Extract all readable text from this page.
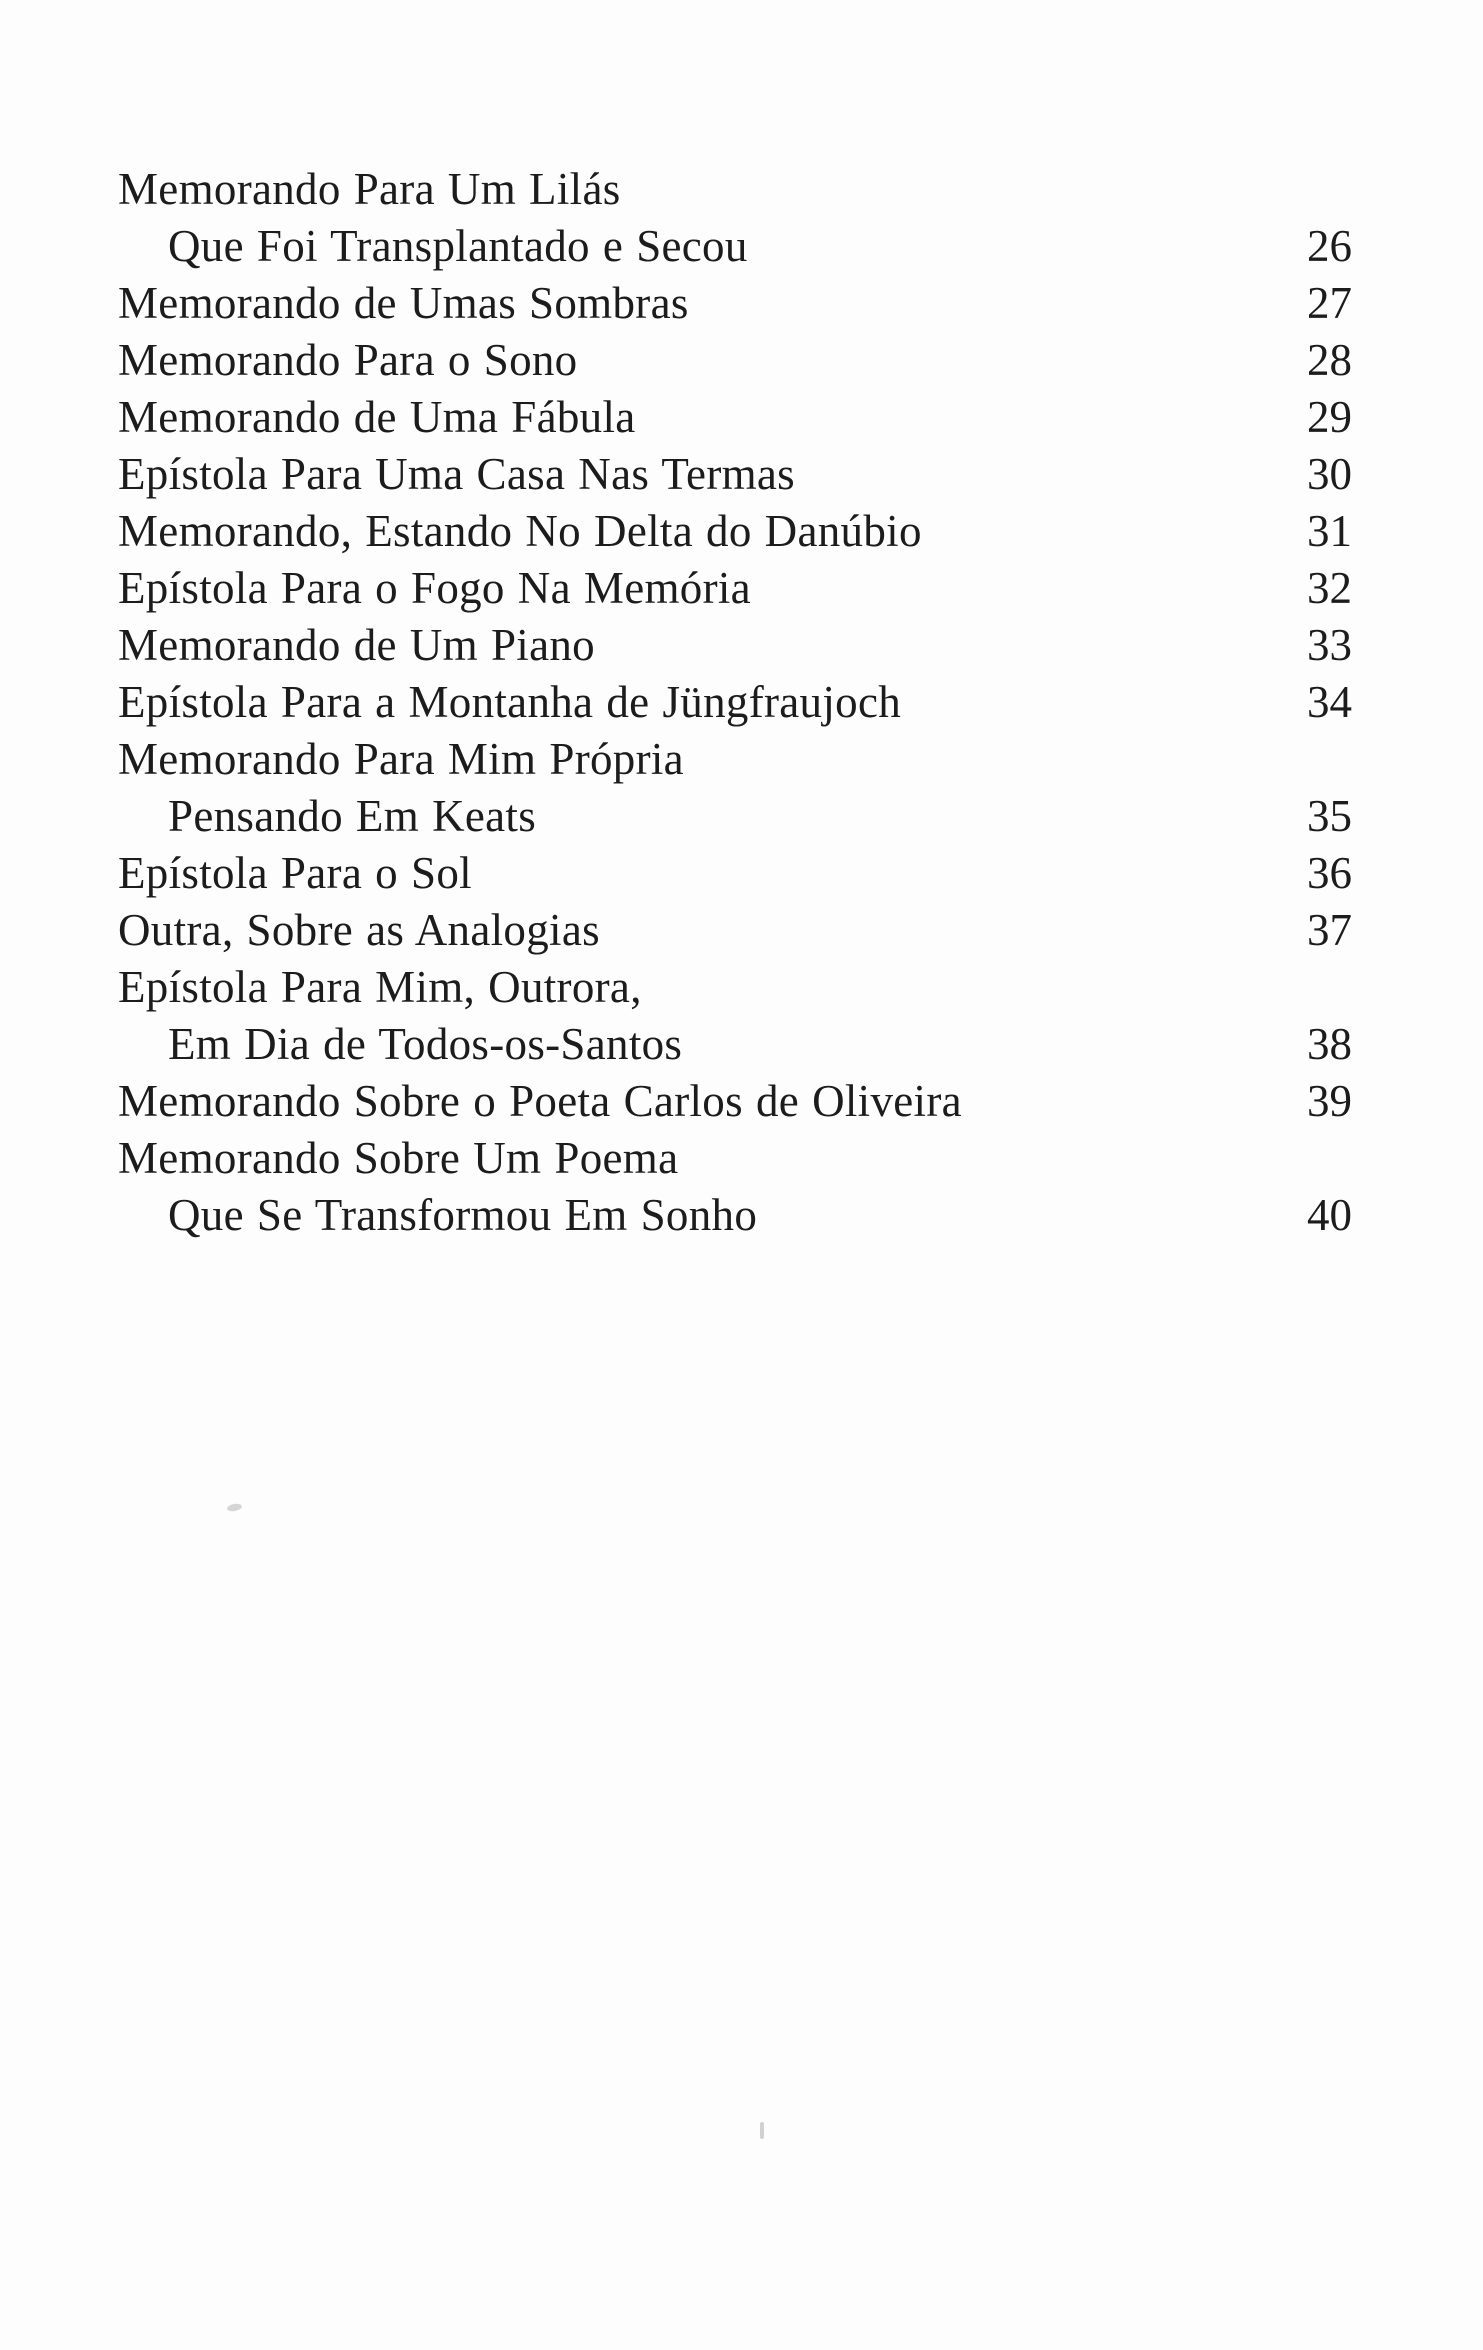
Memorando Para Um Lilás
Que Foi Transplantado e Secou	26
Memorando de Umas Sombras	27
Memorando Para o Sono	28
Memorando de Uma Fábula	29
Epístola Para Uma Casa Nas Termas	30
Memorando, Estando No Delta do Danúbio	31
Epístola Para o Fogo Na Memória	32
Memorando de Um Piano	33
Epístola Para a Montanha de Jüngfraujoch	34
Memorando Para Mim Própria
Pensando Em Keats	35
Epístola Para o Sol	36
Outra, Sobre as Analogias	37
Epístola Para Mim, Outrora,
Em Dia de Todos-os-Santos	38
Memorando Sobre o Poeta Carlos de Oliveira	39
Memorando Sobre Um Poema
Que Se Transformou Em Sonho	40
